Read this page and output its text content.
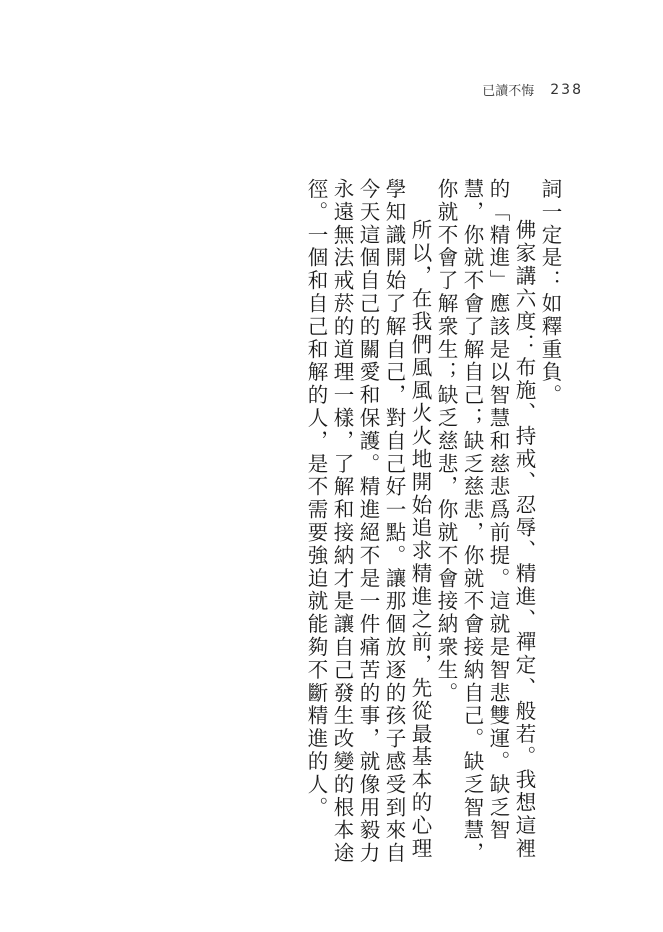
已讀不悔 238

詞一定是：如釋重負。

佛家講六度：布施、持戒、忍辱、精進、禪定、般若。我想這裡的「精進」應該是以智慧和慈悲爲前提。這就是智悲雙運。缺乏智慧，你就不會了解自己；缺乏慈悲，你就不會接納自己。缺乏智慧，你就不會了解衆生；缺乏慈悲，你就不會接納衆生。

所以，在我們風風火火地開始追求精進之前，先從最基本的心理學知識開始了解自己，對自己好一點。讓那個放逐的孩子感受到來自今天這個自己的關愛和保護。精進絕不是一件痛苦的事，就像用毅力永遠無法戒菸的道理一樣，了解和接納才是讓自己發生改變的根本途徑。一個和自己和解的人，是不需要強迫就能夠不斷精進的人。
